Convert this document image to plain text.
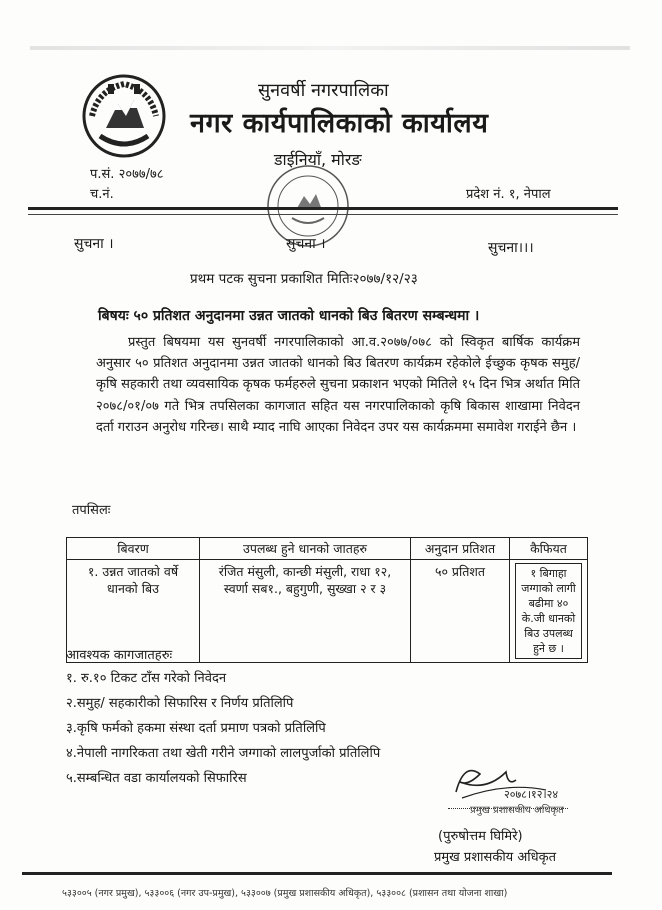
सुनवर्षी नगरपालिका
नगर कार्यपालिकाको कार्यालय
डाईनियाँ, मोरङ
प.सं. २०७७/७८
च.नं.	प्रदेश नं. १, नेपाल
सुचना ।	सुचना ।	सुचना।।।
प्रथम पटक सुचना प्रकाशित मितिः२०७७/१२/२३
बिषयः ५० प्रतिशत अनुदानमा उन्नत जातको धानको बिउ बितरण सम्बन्धमा ।
प्रस्तुत बिषयमा यस सुनवर्षी नगरपालिकाको आ.व.२०७७/०७८ को स्विकृत बार्षिक कार्यक्रम अनुसार ५० प्रतिशत अनुदानमा उन्नत जातको धानको बिउ बितरण कार्यक्रम रहेकोले ईच्छुक कृषक समुह/कृषि सहकारी तथा व्यवसायिक कृषक फर्महरुले सुचना प्रकाशन भएको मितिले १५ दिन भित्र अर्थात मिति २०७८/०१/०७ गते भित्र तपसिलका कागजात सहित यस नगरपालिकाको कृषि बिकास शाखामा निवेदन दर्ता गराउन अनुरोध गरिन्छ। साथै म्याद नाघि आएका निवेदन उपर यस कार्यक्रममा समावेश गराईने छैन ।
तपसिलः
बिवरण	उपलब्ध हुने धानको जातहरु	अनुदान प्रतिशत	कैफियत
१. उन्नत जातको वर्षे धानको बिउ	रंजित मंसुली, कान्छी मंसुली, राधा १२, स्वर्णा सब१., बहुगुणी, सुख्खा २ र ३	५० प्रतिशत	१ बिगाहा जग्गाको लागी बढीमा ४० के.जी धानको बिउ उपलब्ध हुने छ ।
आवश्यक कागजातहरुः
१. रु.१० टिकट टाँस गरेको निवेदन
२.समुह/ सहकारीको सिफारिस र निर्णय प्रतिलिपि
३.कृषि फर्मको हकमा संस्था दर्ता प्रमाण पत्रको प्रतिलिपि
४.नेपाली नागरिकता तथा खेती गरीने जग्गाको लालपुर्जाको प्रतिलिपि
५.सम्बन्धित वडा कार्यालयको सिफारिस
२०७८।१२।२४
प्रमुख प्रशासकीय अधिकृत
(पुरुषोत्तम घिमिरे)
प्रमुख प्रशासकीय अधिकृत
५३३००५ (नगर प्रमुख), ५३३००६ (नगर उप-प्रमुख), ५३३००७ (प्रमुख प्रशासकीय अधिकृत), ५३३००८ (प्रशासन तथा योजना शाखा)
